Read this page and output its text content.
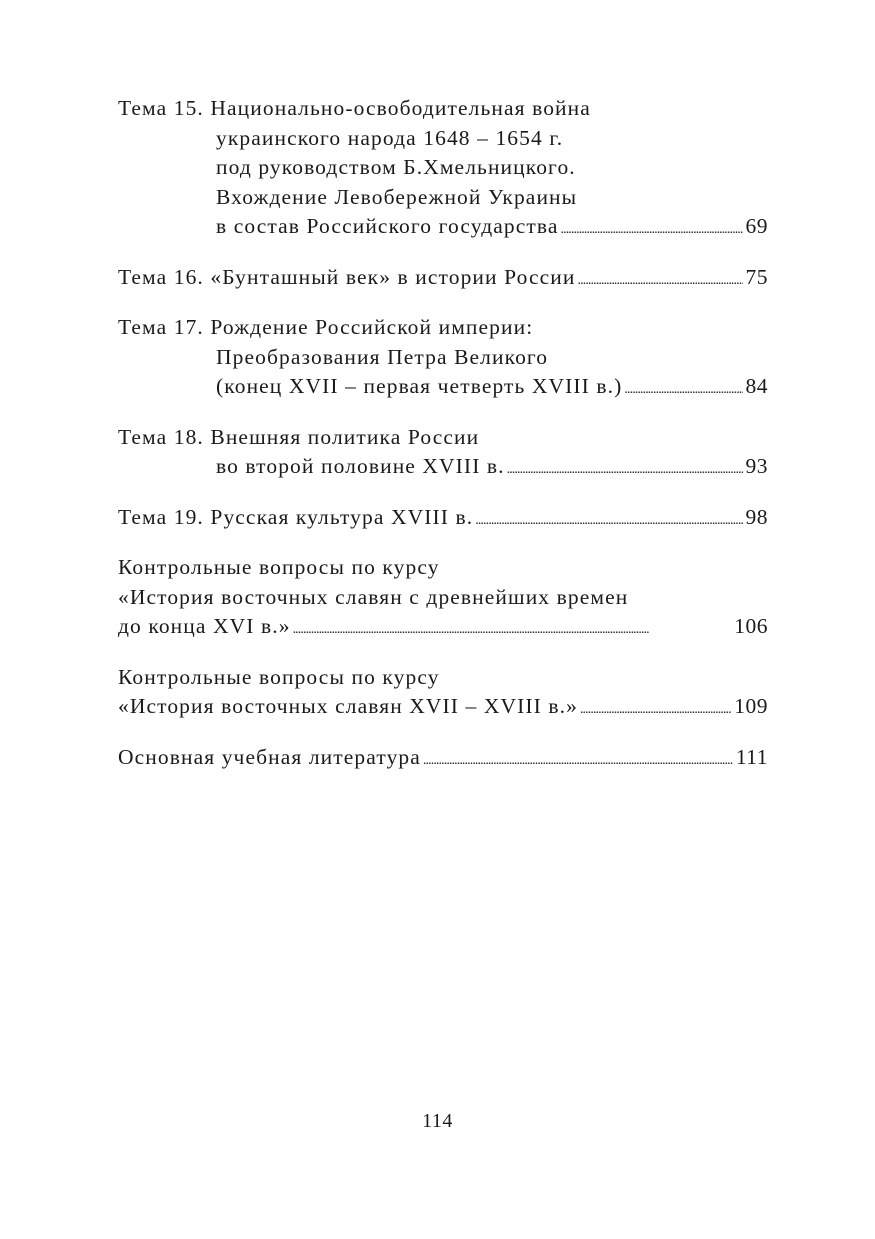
Тема 15. Национально-освободительная война
украинского народа 1648 – 1654 г.
под руководством Б.Хмельницкого.
Вхождение Левобережной Украины
в состав Российского государства . . .	69
Тема 16. «Бунташный век» в истории России . . .	75
Тема 17. Рождение Российской империи:
Преобразования Петра Великого
(конец XVII – первая четверть XVIII в.) . . .	84
Тема 18. Внешняя политика России
во второй половине XVIII в. . . .	93
Тема 19. Русская культура XVIII в. . . .	98
Контрольные вопросы по курсу
«История восточных славян с древнейших времен
до конца XVI в.» . . .	106
Контрольные вопросы по курсу
«История восточных славян XVII – XVIII в.» . . .	109
Основная учебная литература . . .	111
114
